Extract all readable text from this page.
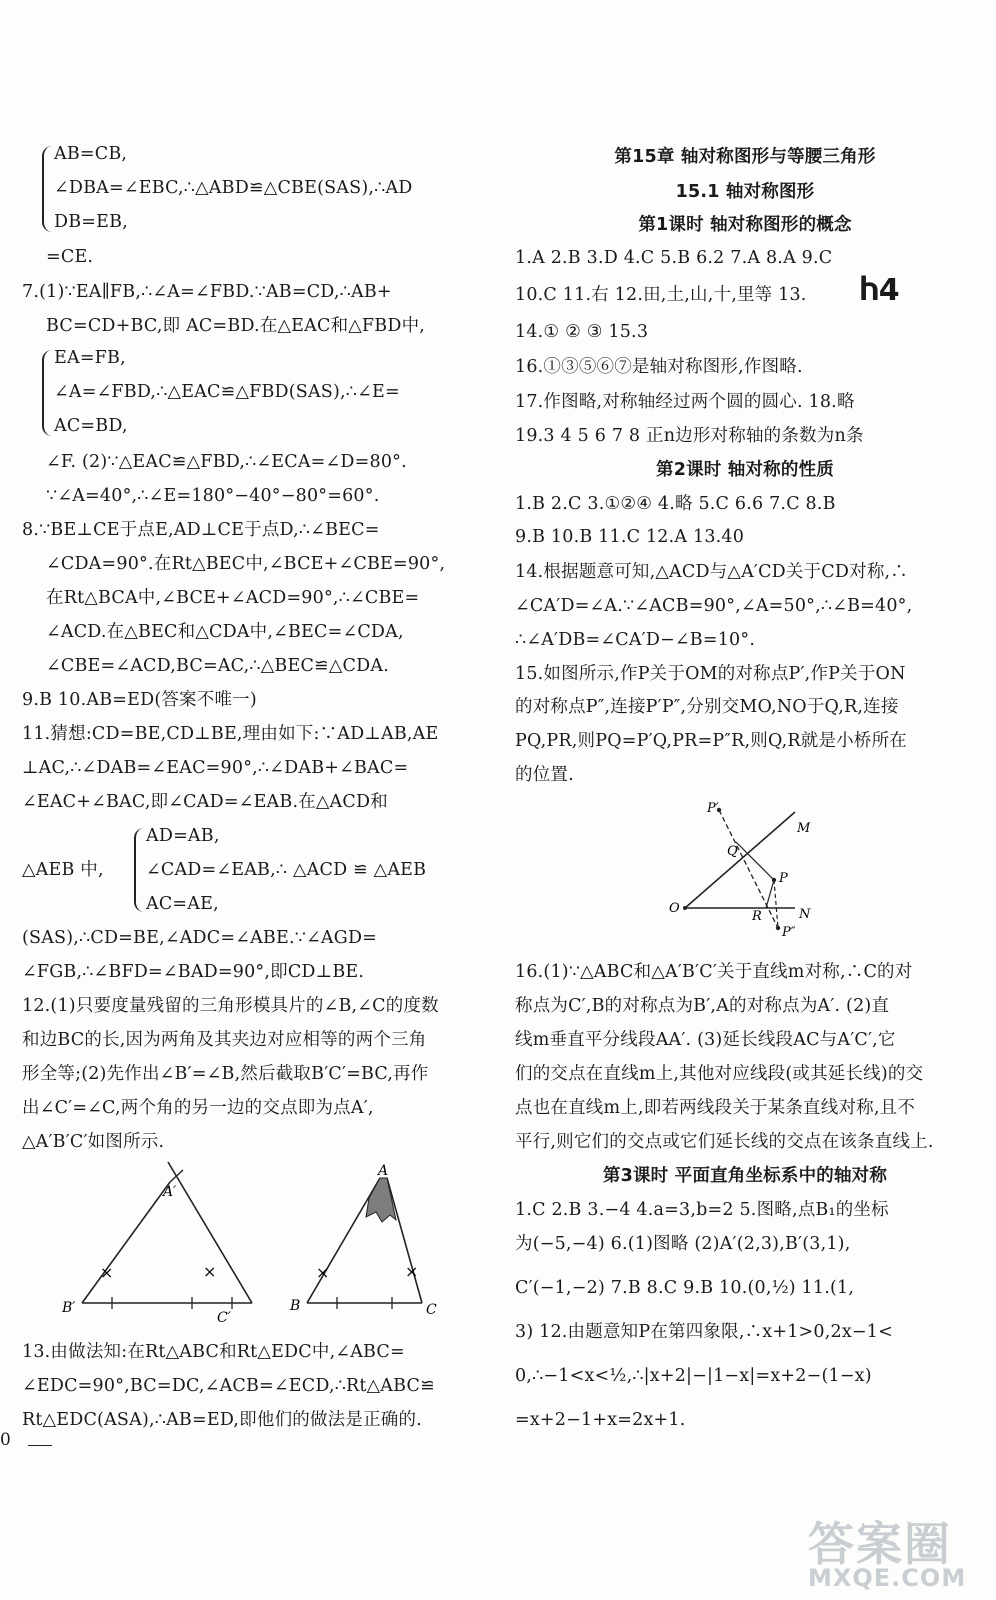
AB=CB,
∠DBA=∠EBC,∴△ABD≌△CBE(SAS),∴AD
DB=EB,
=CE.
7.(1)∵EA∥FB,∴∠A=∠FBD.∵AB=CD,∴AB+
BC=CD+BC,即 AC=BD.在△EAC和△FBD中,
EA=FB,
∠A=∠FBD,∴△EAC≌△FBD(SAS),∴∠E=
AC=BD,
∠F. (2)∵△EAC≌△FBD,∴∠ECA=∠D=80°.
∵∠A=40°,∴∠E=180°−40°−80°=60°.
8.∵BE⊥CE于点E,AD⊥CE于点D,∴∠BEC=
∠CDA=90°.在Rt△BEC中,∠BCE+∠CBE=90°,
在Rt△BCA中,∠BCE+∠ACD=90°,∴∠CBE=
∠ACD.在△BEC和△CDA中,∠BEC=∠CDA,
∠CBE=∠ACD,BC=AC,∴△BEC≌△CDA.
9.B 10.AB=ED(答案不唯一)
11.猜想:CD=BE,CD⊥BE,理由如下:∵AD⊥AB,AE
⊥AC,∴∠DAB=∠EAC=90°,∴∠DAB+∠BAC=
∠EAC+∠BAC,即∠CAD=∠EAB.在△ACD和
AD=AB,
△AEB 中, ∠CAD=∠EAB,∴ △ACD ≌ △AEB
AC=AE,
(SAS),∴CD=BE,∠ADC=∠ABE.∵∠AGD=
∠FGB,∴∠BFD=∠BAD=90°,即CD⊥BE.
12.(1)只要度量残留的三角形模具片的∠B,∠C的度数
和边BC的长,因为两角及其夹边对应相等的两个三角
形全等;(2)先作出∠B′=∠B,然后截取B′C′=BC,再作
出∠C′=∠C,两个角的另一边的交点即为点A′,
△A′B′C′如图所示.
×	×
A′
B′
C′
×	×
A
B	C
13.由做法知:在Rt△ABC和Rt△EDC中,∠ABC=
∠EDC=90°,BC=DC,∠ACB=∠ECD,∴Rt△ABC≌
Rt△EDC(ASA),∴AB=ED,即他们的做法是正确的.
第15章 轴对称图形与等腰三角形
15.1 轴对称图形
第1课时 轴对称图形的概念
1.A 2.B 3.D 4.C 5.B 6.2 7.A 8.A 9.C
10.C 11.右 12.田,土,山,十,里等 13. Ⴙ4
14.① ② ③ 15.3
16.①③⑤⑥⑦是轴对称图形,作图略.
17.作图略,对称轴经过两个圆的圆心. 18.略
19.3 4 5 6 7 8 正n边形对称轴的条数为n条
第2课时 轴对称的性质
1.B 2.C 3.①②④ 4.略 5.C 6.6 7.C 8.B
9.B 10.B 11.C 12.A 13.40
14.根据题意可知,△ACD与△A′CD关于CD对称,∴
∠CA′D=∠A.∵∠ACB=90°,∠A=50°,∴∠B=40°,
∴∠A′DB=∠CA′D−∠B=10°.
15.如图所示,作P关于OM的对称点P′,作P关于ON
的对称点P″,连接P′P″,分别交MO,NO于Q,R,连接
PQ,PR,则PQ=P′Q,PR=P″R,则Q,R就是小桥所在
的位置.
P′
M
Q
P
O
R	N
P″
16.(1)∵△ABC和△A′B′C′关于直线m对称,∴C的对
称点为C′,B的对称点为B′,A的对称点为A′. (2)直
线m垂直平分线段AA′. (3)延长线段AC与A′C′,它
们的交点在直线m上,其他对应线段(或其延长线)的交
点也在直线m上,即若两线段关于某条直线对称,且不
平行,则它们的交点或它们延长线的交点在该条直线上.
第3课时 平面直角坐标系中的轴对称
1.C 2.B 3.−4 4.a=3,b=2 5.图略,点B₁的坐标
为(−5,−4) 6.(1)图略 (2)A′(2,3),B′(3,1),
C′(−1,−2) 7.B 8.C 9.B 10.(0,½) 11.(1,
3) 12.由题意知P在第四象限,∴x+1>0,2x−1<
0,∴−1<x<½,∴|x+2|−|1−x|=x+2−(1−x)
=x+2−1+x=2x+1.
0
答案圈
MXQE.COM
